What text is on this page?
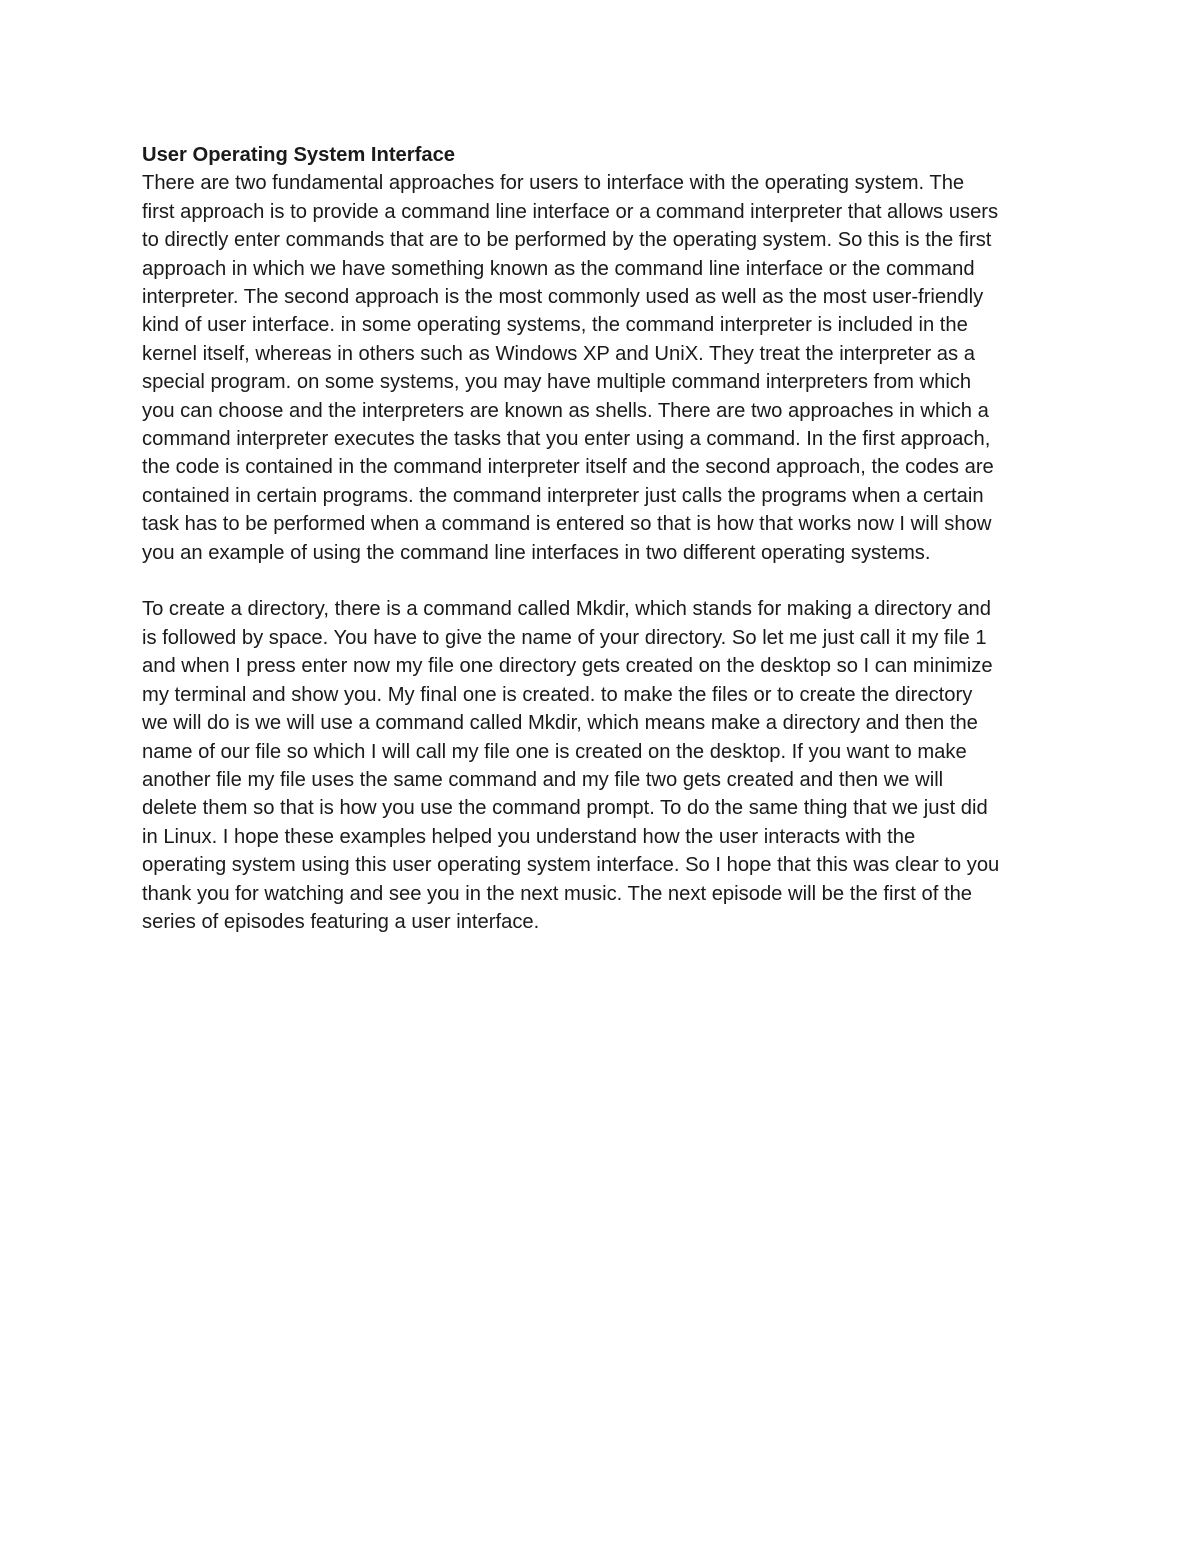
User Operating System Interface
There are two fundamental approaches for users to interface with the operating system. The
first approach is to provide a command line interface or a command interpreter that allows users
to directly enter commands that are to be performed by the operating system. So this is the first
approach in which we have something known as the command line interface or the command
interpreter. The second approach is the most commonly used as well as the most user-friendly
kind of user interface. in some operating systems, the command interpreter is included in the
kernel itself, whereas in others such as Windows XP and UniX. They treat the interpreter as a
special program. on some systems, you may have multiple command interpreters from which
you can choose and the interpreters are known as shells. There are two approaches in which a
command interpreter executes the tasks that you enter using a command. In the first approach,
the code is contained in the command interpreter itself and the second approach, the codes are
contained in certain programs. the command interpreter just calls the programs when a certain
task has to be performed when a command is entered so that is how that works now I will show
you an example of using the command line interfaces in two different operating systems.
To create a directory, there is a command called Mkdir, which stands for making a directory and
is followed by space. You have to give the name of your directory. So let me just call it my file 1
and when I press enter now my file one directory gets created on the desktop so I can minimize
my terminal and show you. My final one is created. to make the files or to create the directory
we will do is we will use a command called Mkdir, which means make a directory and then the
name of our file so which I will call my file one is created on the desktop. If you want to make
another file my file uses the same command and my file two gets created and then we will
delete them so that is how you use the command prompt. To do the same thing that we just did
in Linux. I hope these examples helped you understand how the user interacts with the
operating system using this user operating system interface. So I hope that this was clear to you
thank you for watching and see you in the next music. The next episode will be the first of the
series of episodes featuring a user interface.
